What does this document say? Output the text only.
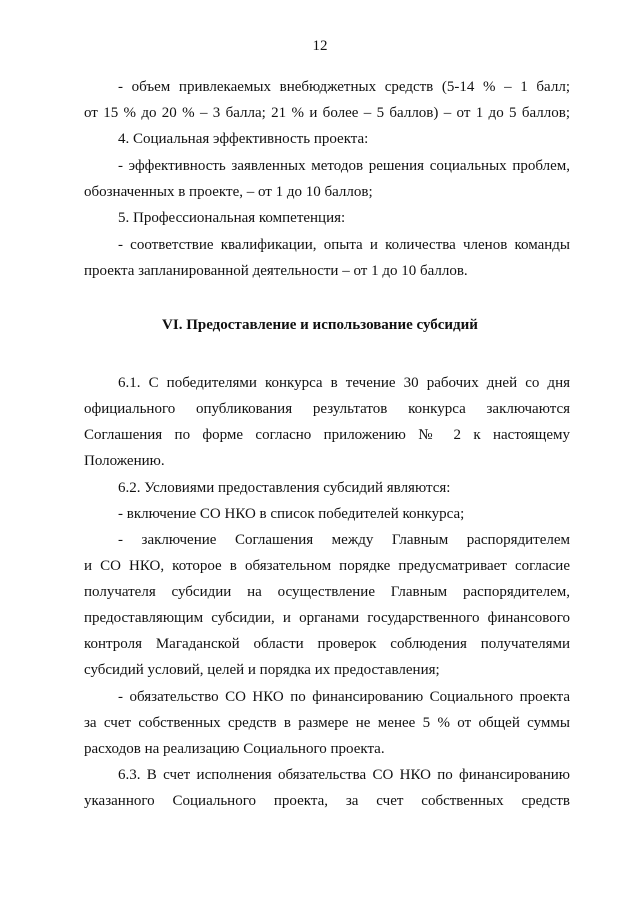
12
- объем привлекаемых внебюджетных средств (5-14 % – 1 балл;
от 15 % до 20 % – 3 балла; 21 % и более – 5 баллов) – от 1 до 5 баллов;
4. Социальная эффективность проекта:
- эффективность заявленных методов решения социальных проблем,
обозначенных в проекте, – от 1 до 10 баллов;
5. Профессиональная компетенция:
- соответствие квалификации, опыта и количества членов команды
проекта запланированной деятельности – от 1 до 10 баллов.
VI. Предоставление и использование субсидий
6.1. С победителями конкурса в течение 30 рабочих дней со дня
официального опубликования результатов конкурса заключаются
Соглашения по форме согласно приложению № 2 к настоящему
Положению.
6.2. Условиями предоставления субсидий являются:
- включение СО НКО в список победителей конкурса;
- заключение Соглашения между Главным распорядителем
и СО НКО, которое в обязательном порядке предусматривает согласие
получателя субсидии на осуществление Главным распорядителем,
предоставляющим субсидии, и органами государственного финансового
контроля Магаданской области проверок соблюдения получателями
субсидий условий, целей и порядка их предоставления;
- обязательство СО НКО по финансированию Социального проекта
за счет собственных средств в размере не менее 5 % от общей суммы
расходов на реализацию Социального проекта.
6.3. В счет исполнения обязательства СО НКО по финансированию
указанного Социального проекта, за счет собственных средств
